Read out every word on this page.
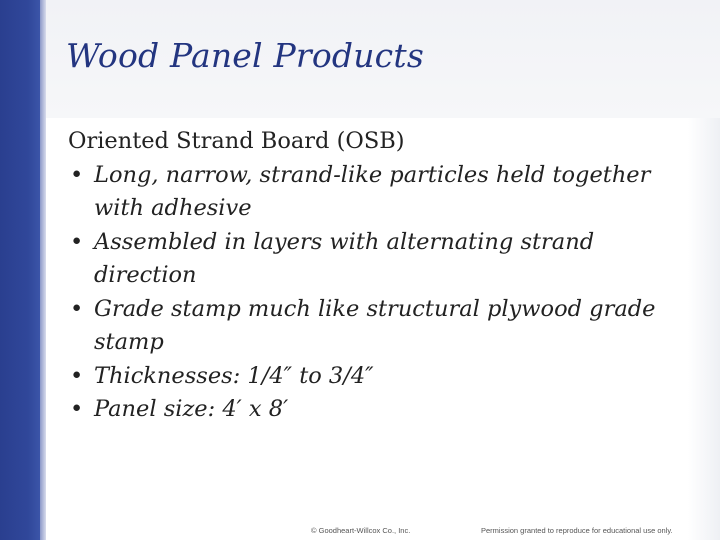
Wood Panel Products

Oriented Strand Board (OSB)

• Long, narrow, strand-like particles held together with adhesive
• Assembled in layers with alternating strand direction
• Grade stamp much like structural plywood grade stamp
• Thicknesses: 1/4″ to 3/4″
• Panel size: 4′ x 8′
© Goodheart-Willcox Co., Inc.	Permission granted to reproduce for educational use only.
